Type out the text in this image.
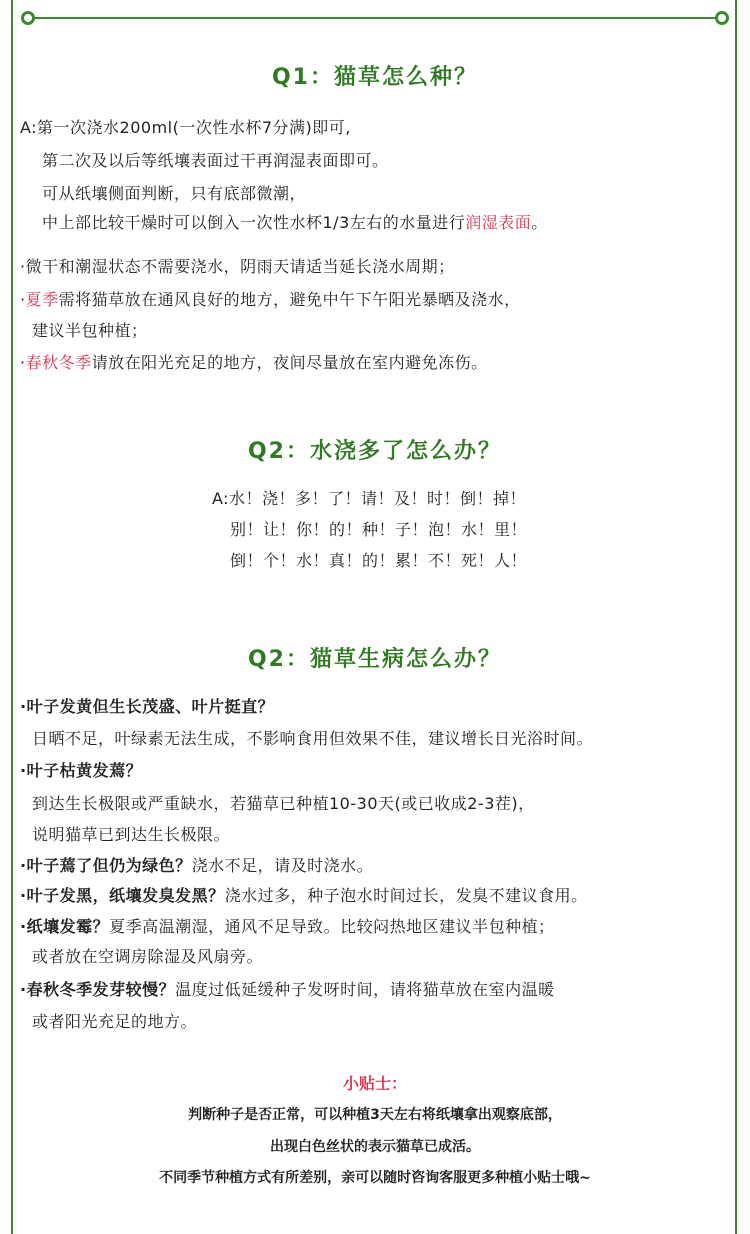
Q1：猫草怎么种？
A:第一次浇水200ml(一次性水杯7分满)即可,
第二次及以后等纸壤表面过干再润湿表面即可。
可从纸壤侧面判断，只有底部微潮，
中上部比较干燥时可以倒入一次性水杯1/3左右的水量进行润湿表面。
·微干和潮湿状态不需要浇水，阴雨天请适当延长浇水周期；
·夏季需将猫草放在通风良好的地方，避免中午下午阳光暴晒及浇水，
建议半包种植；
·春秋冬季请放在阳光充足的地方，夜间尽量放在室内避免冻伤。
Q2：水浇多了怎么办？
A:水！浇！多！了！请！及！时！倒！掉！
别！让！你！的！种！子！泡！水！里！
倒！个！水！真！的！累！不！死！人！
Q2：猫草生病怎么办？
·叶子发黄但生长茂盛、叶片挺直？
日晒不足，叶绿素无法生成，不影响食用但效果不佳，建议增长日光浴时间。
·叶子枯黄发蔫？
到达生长极限或严重缺水，若猫草已种植10-30天(或已收成2-3茬)，
说明猫草已到达生长极限。
·叶子蔫了但仍为绿色？浇水不足，请及时浇水。
·叶子发黑，纸壤发臭发黑？浇水过多，种子泡水时间过长，发臭不建议食用。
·纸壤发霉？夏季高温潮湿，通风不足导致。比较闷热地区建议半包种植；
或者放在空调房除湿及风扇旁。
·春秋冬季发芽较慢？温度过低延缓种子发呀时间，请将猫草放在室内温暖
或者阳光充足的地方。
小贴士：
判断种子是否正常，可以种植3天左右将纸壤拿出观察底部，
出现白色丝状的表示猫草已成活。
不同季节种植方式有所差别，亲可以随时咨询客服更多种植小贴士哦~
